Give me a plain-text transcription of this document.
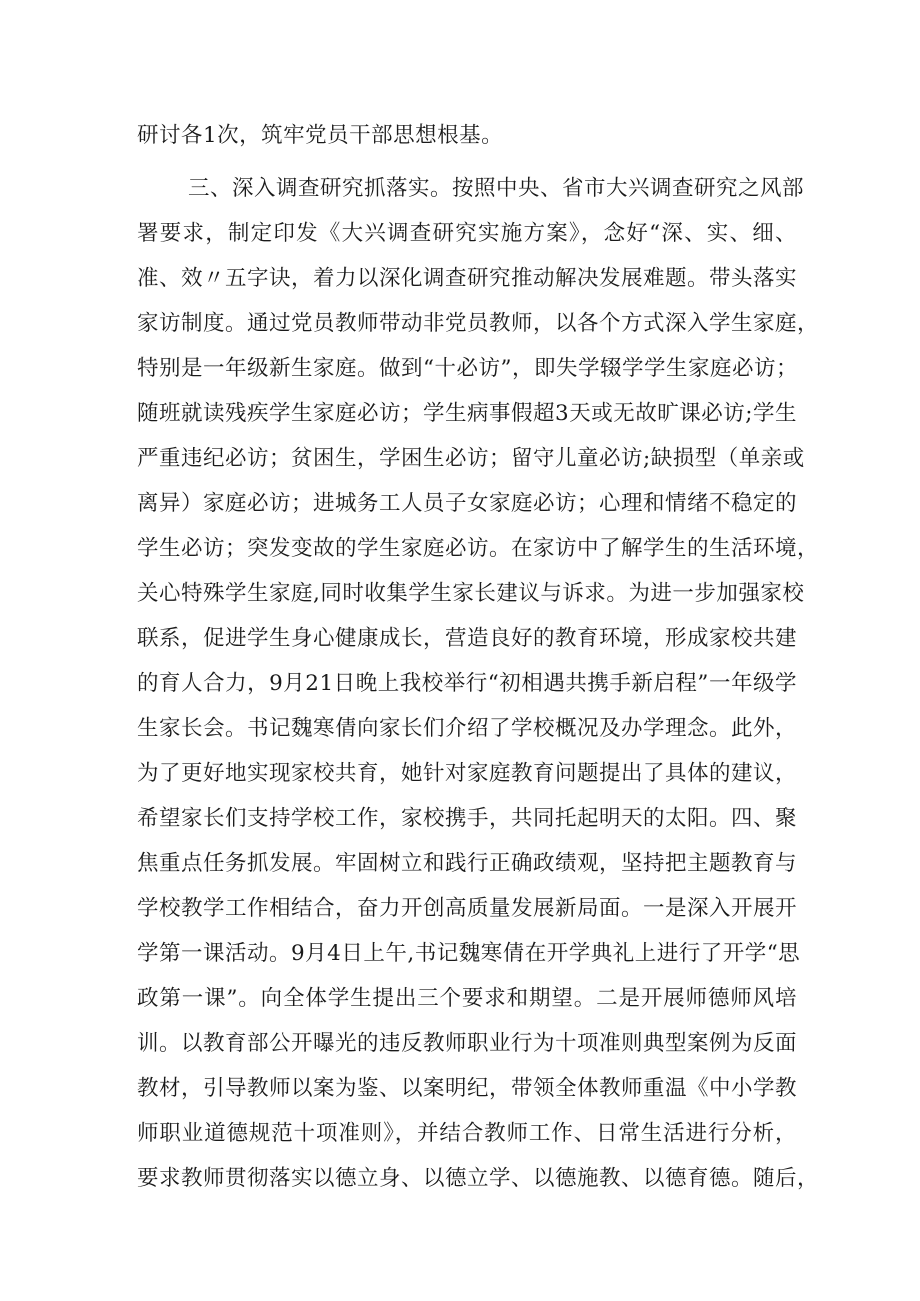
研讨各1次，筑牢党员干部思想根基。
三、深入调查研究抓落实。按照中央、省市大兴调查研究之风部
署要求，制定印发《大兴调查研究实施方案》，念好“深、实、细、
准、效〃五字诀，着力以深化调查研究推动解决发展难题。带头落实
家访制度。通过党员教师带动非党员教师，以各个方式深入学生家庭，
特别是一年级新生家庭。做到“十必访”，即失学辍学学生家庭必访；
随班就读残疾学生家庭必访；学生病事假超3天或无故旷课必访;学生
严重违纪必访；贫困生，学困生必访；留守儿童必访;缺损型（单亲或
离异）家庭必访；进城务工人员子女家庭必访；心理和情绪不稳定的
学生必访；突发变故的学生家庭必访。在家访中了解学生的生活环境，
关心特殊学生家庭,同时收集学生家长建议与诉求。为进一步加强家校
联系，促进学生身心健康成长，营造良好的教育环境，形成家校共建
的育人合力，9月21日晚上我校举行“初相遇共携手新启程”一年级学
生家长会。书记魏寒倩向家长们介绍了学校概况及办学理念。此外，
为了更好地实现家校共育，她针对家庭教育问题提出了具体的建议，
希望家长们支持学校工作，家校携手，共同托起明天的太阳。四、聚
焦重点任务抓发展。牢固树立和践行正确政绩观，坚持把主题教育与
学校教学工作相结合，奋力开创高质量发展新局面。一是深入开展开
学第一课活动。9月4日上午,书记魏寒倩在开学典礼上进行了开学“思
政第一课”。向全体学生提出三个要求和期望。二是开展师德师风培
训。以教育部公开曝光的违反教师职业行为十项准则典型案例为反面
教材，引导教师以案为鉴、以案明纪，带领全体教师重温《中小学教
师职业道德规范十项准则》，并结合教师工作、日常生活进行分析，
要求教师贯彻落实以德立身、以德立学、以德施教、以德育德。随后，
